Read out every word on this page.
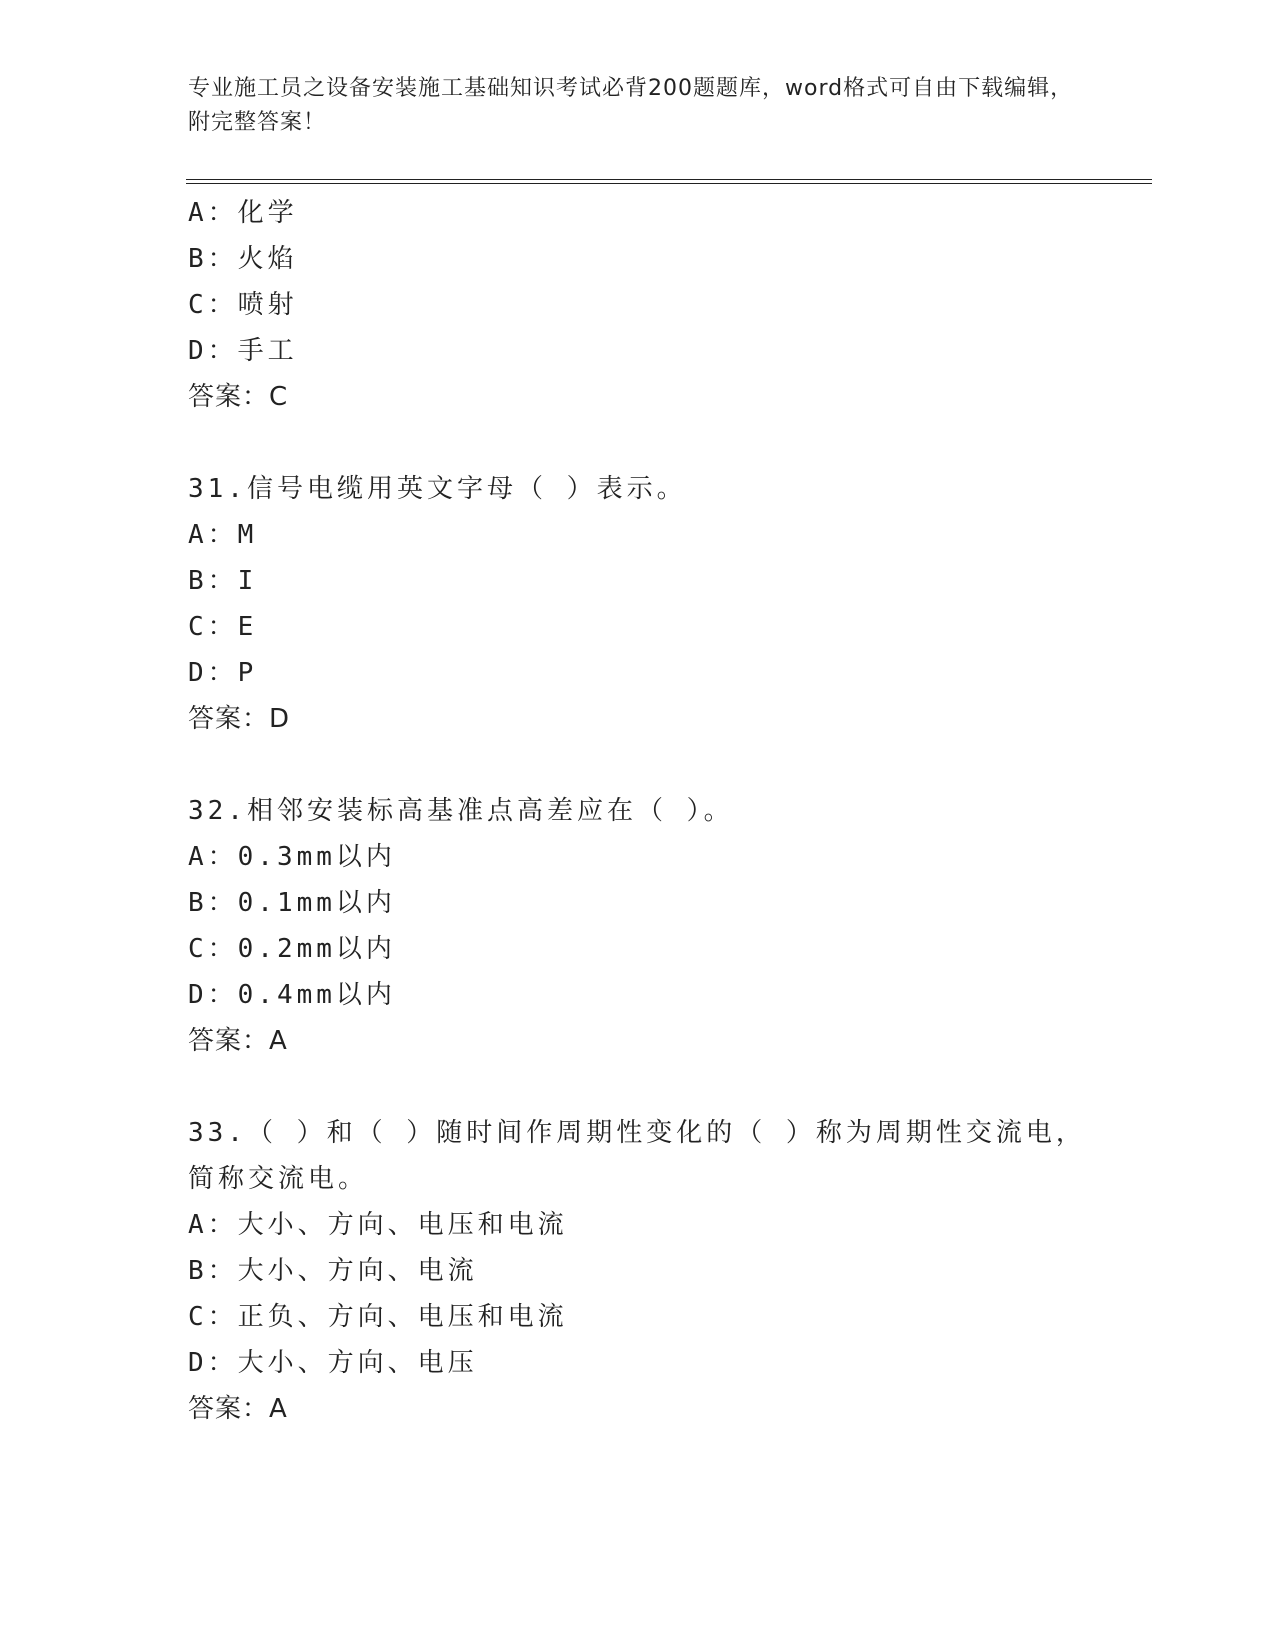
专业施工员之设备安装施工基础知识考试必背200题题库，word格式可自由下载编辑，附完整答案！
A：化学
B：火焰
C：喷射
D：手工
答案：C
31.信号电缆用英文字母（ ）表示。
A：M
B：I
C：E
D：P
答案：D
32.相邻安装标高基准点高差应在（ ）。
A：0.3mm以内
B：0.1mm以内
C：0.2mm以内
D：0.4mm以内
答案：A
33.（ ）和（ ）随时间作周期性变化的（ ）称为周期性交流电，简称交流电。
A：大小、方向、电压和电流
B：大小、方向、电流
C：正负、方向、电压和电流
D：大小、方向、电压
答案：A
